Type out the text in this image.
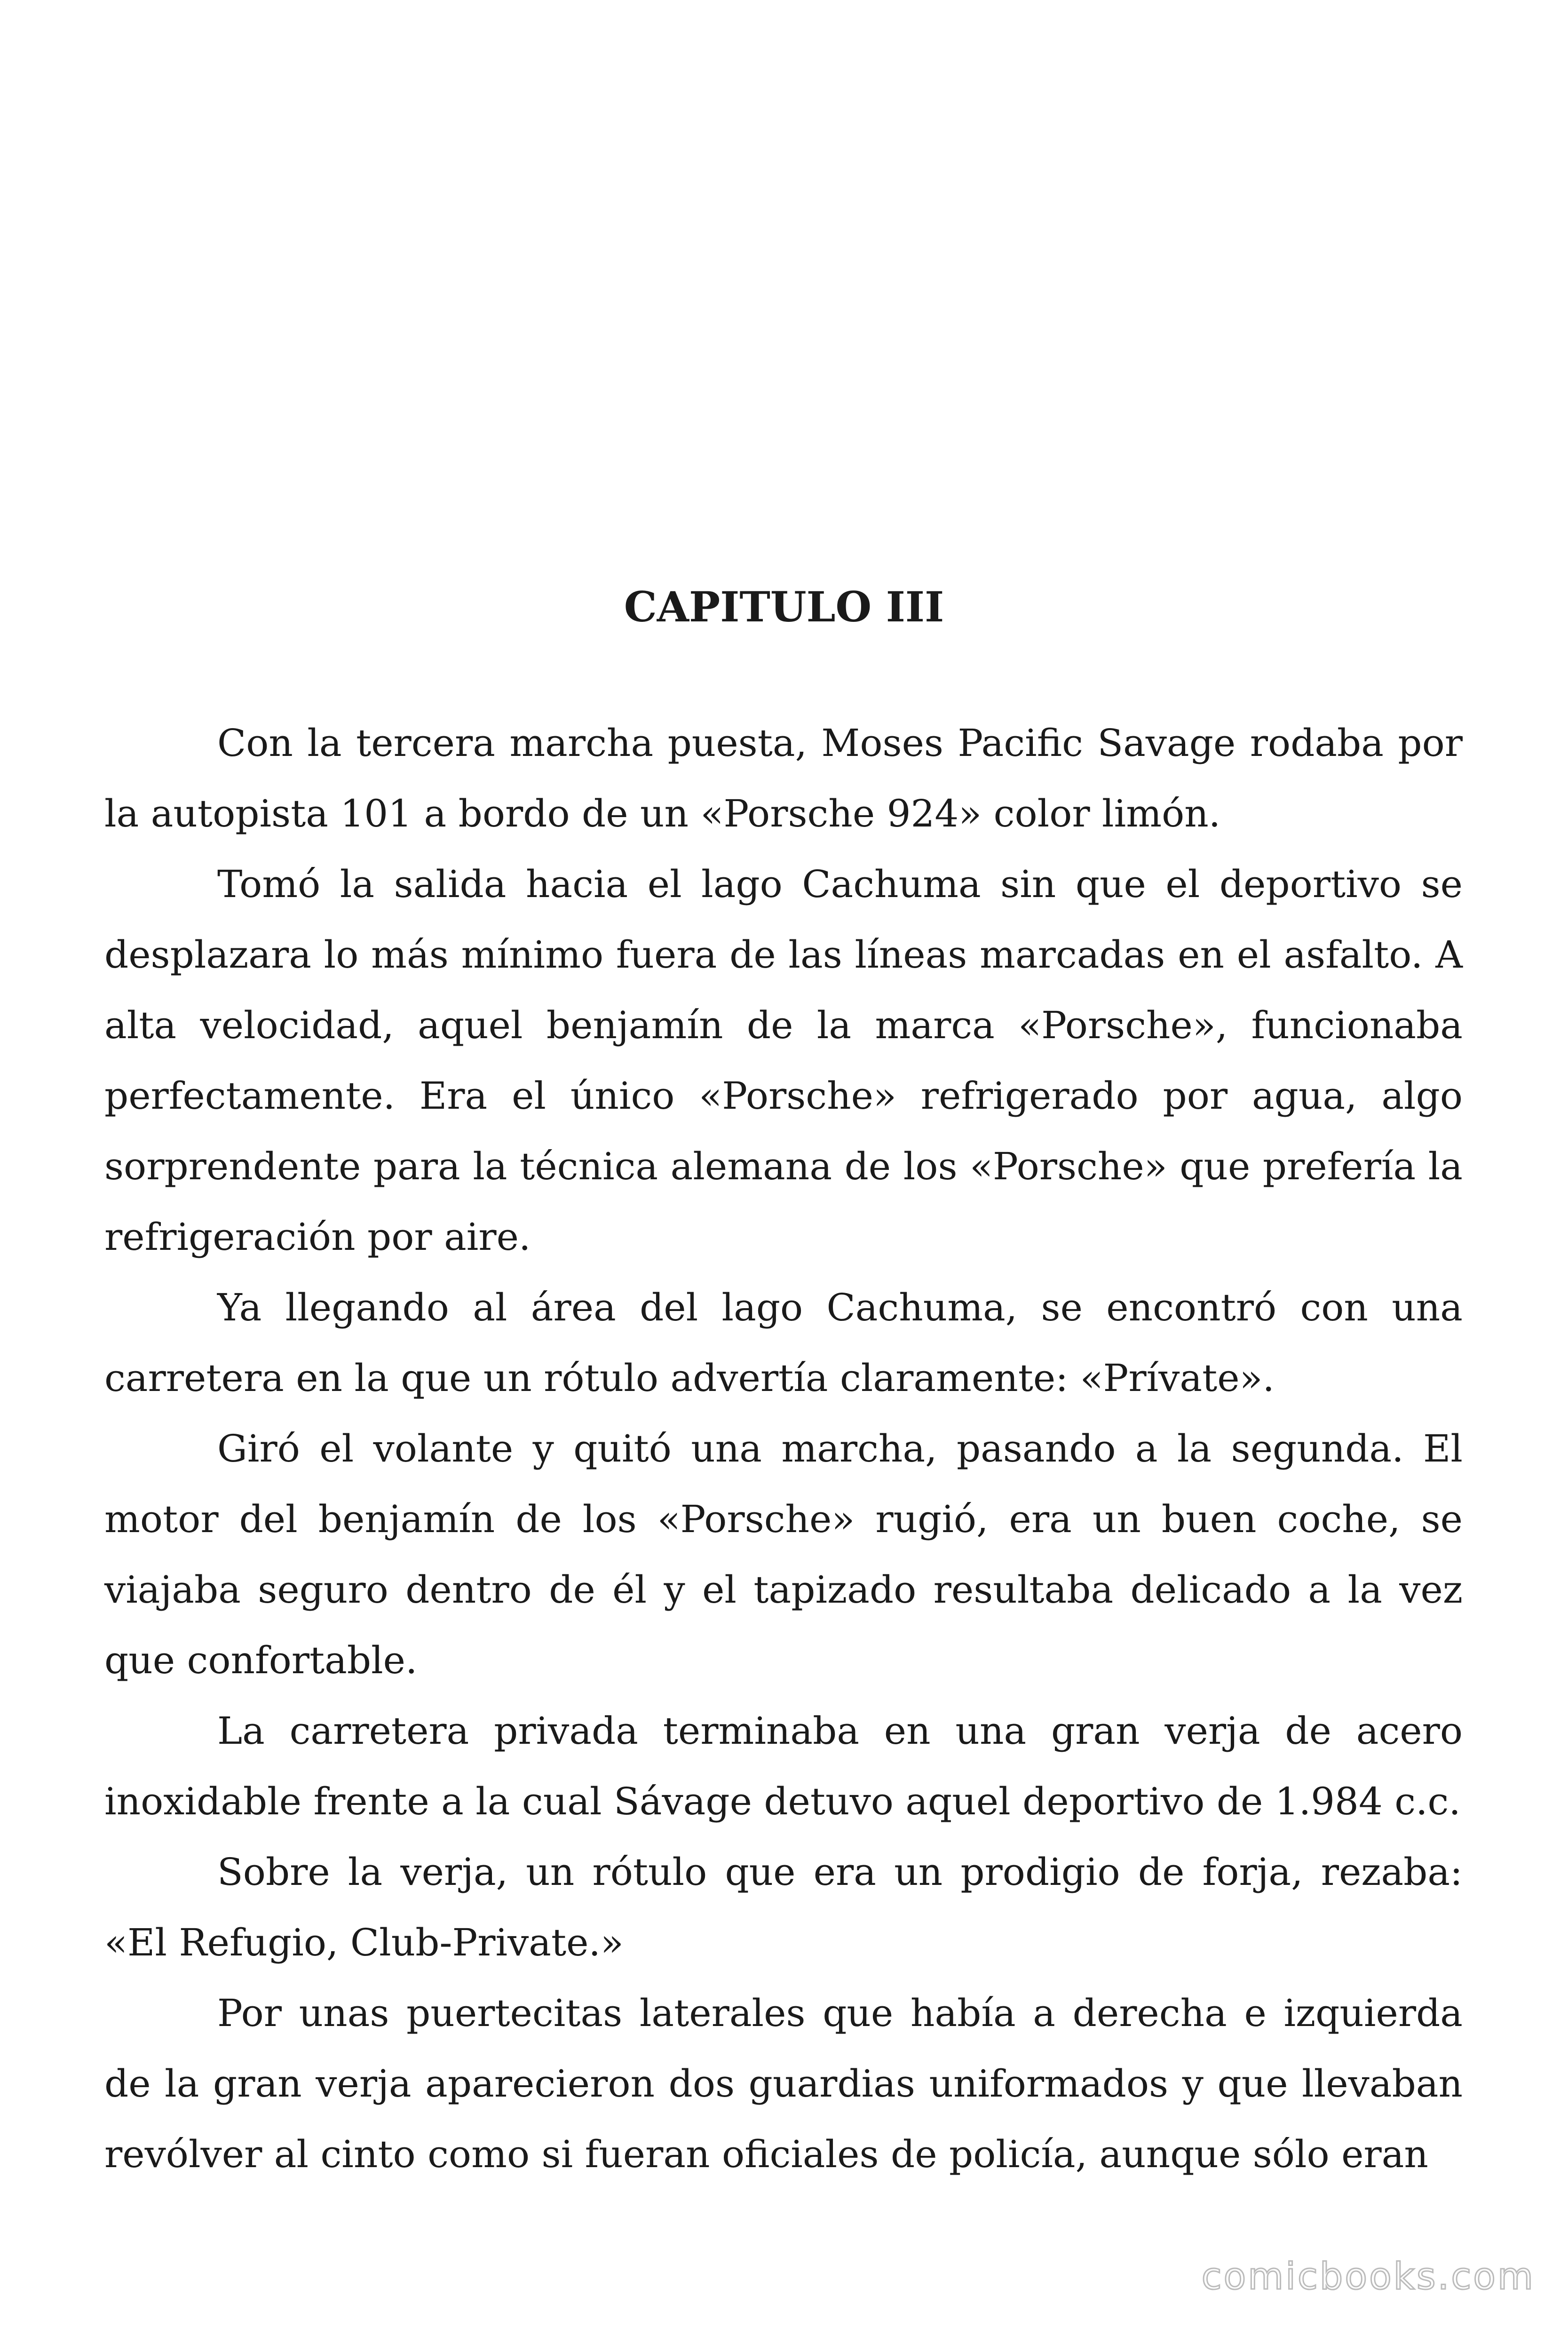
CAPITULO III

Con la tercera marcha puesta, Moses Pacific Savage rodaba por la autopista 101 a bordo de un «Porsche 924» color limón.

Tomó la salida hacia el lago Cachuma sin que el deportivo se desplazara lo más mínimo fuera de las líneas marcadas en el asfalto. A alta velocidad, aquel benjamín de la marca «Porsche», funcionaba perfectamente. Era el único «Porsche» refrigerado por agua, algo sorprendente para la técnica alemana de los «Porsche» que prefería la refrigeración por aire.

Ya llegando al área del lago Cachuma, se encontró con una carretera en la que un rótulo advertía claramente: «Prívate».

Giró el volante y quitó una marcha, pasando a la segunda. El motor del benjamín de los «Porsche» rugió, era un buen coche, se viajaba seguro dentro de él y el tapizado resultaba delicado a la vez que confortable.

La carretera privada terminaba en una gran verja de acero inoxidable frente a la cual Sávage detuvo aquel deportivo de 1.984 c.c.

Sobre la verja, un rótulo que era un prodigio de forja, rezaba: «El Refugio, Club-Private.»

Por unas puertecitas laterales que había a derecha e izquierda de la gran verja aparecieron dos guardias uniformados y que llevaban revólver al cinto como si fueran oficiales de policía, aunque sólo eran

comicbooks.com
